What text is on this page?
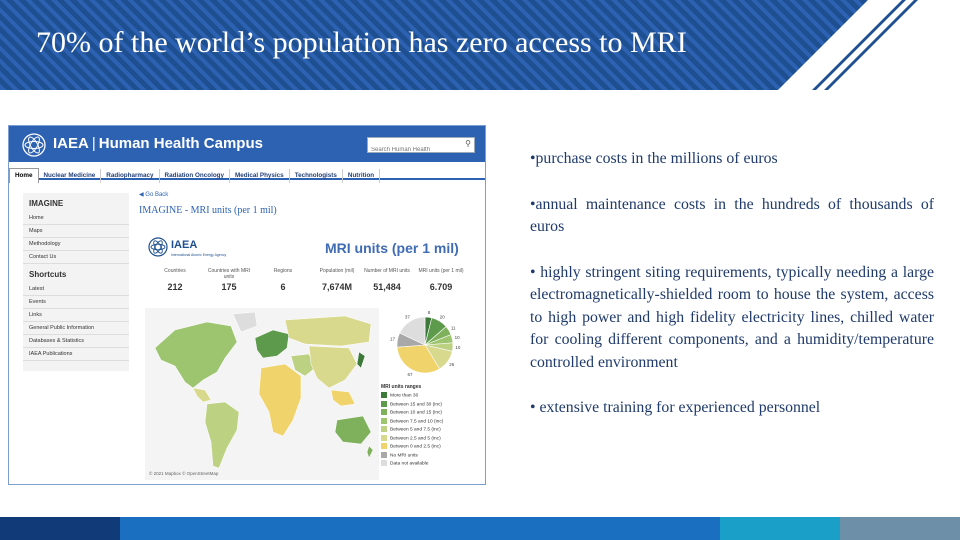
70% of the world’s population has zero access to MRI
IAEA | Human Health Campus
Search Human Health	⚲
Home Nuclear Medicine Radiopharmacy Radiation Oncology Medical Physics Technologists Nutrition
IMAGINE
Home
Maps
Methodology
Contact Us
Shortcuts
Latest
Events
Links
General Public Information
Databases & Statistics
IAEA Publications
◀ Go Back
IMAGINE - MRI units (per 1 mil)
IAEA
International Atomic Energy Agency	MRI units (per 1 mil)
Countries
212
Countries with MRI units
175
Regions
6
Population (mil)
7,674M
Number of MRI units
51,484
MRI units (per 1 mil)
6.709
© 2021 Mapbox © OpenStreetMap
8
20
11
10
10
26
67
17
37
MRI units ranges
More than 30
Between 15 and 30 (inc)
Between 10 and 15 (inc)
Between 7.5 and 10 (inc)
Between 5 and 7.5 (inc)
Between 2.5 and 5 (inc)
Between 0 and 2.5 (inc)
No MRI units
Data not available

•purchase costs in the millions of euros

•annual maintenance costs in the hundreds of thousands of euros

• highly stringent siting requirements, typically needing a large electromagnetically-shielded room to house the system, access to high power and high fidelity electricity lines, chilled water for cooling different components, and a humidity/temperature controlled environment

• extensive training for experienced personnel
